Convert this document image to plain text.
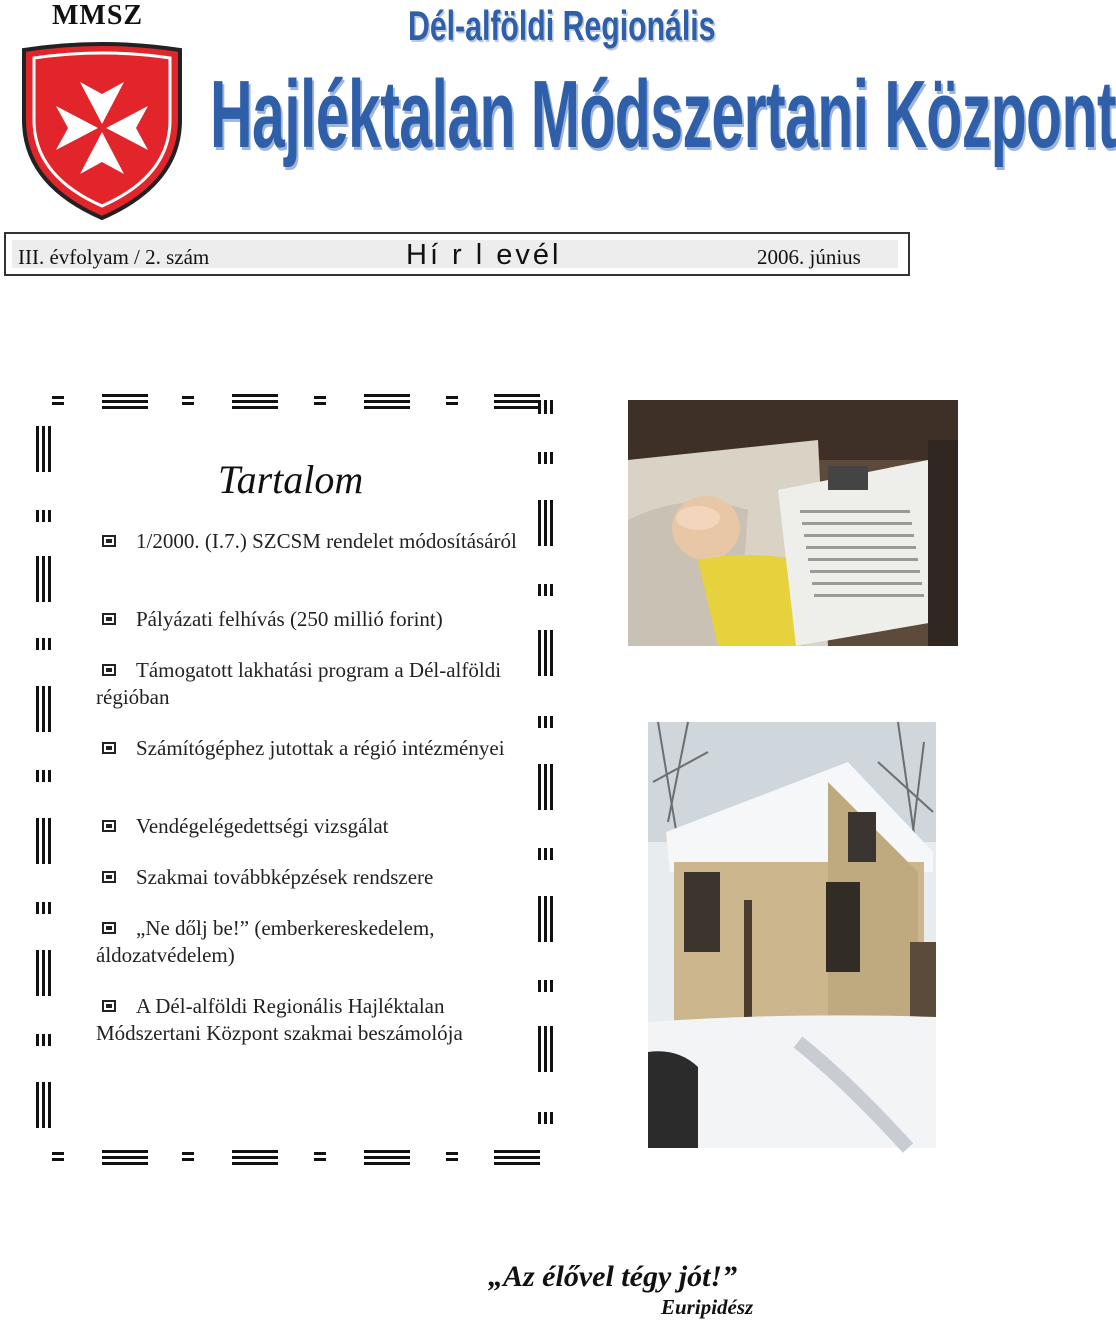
MMSZ	Dél-alföldi Regionális
Hajléktalan Módszertani Központ
III. évfolyam / 2. szám	Hí r l evél	2006. június
Tartalom
1/2000. (I.7.) SZCSM rendelet módosításáról
Pályázati felhívás (250 millió forint)
Támogatott lakhatási program a Dél-alföldi régióban
Számítógéphez jutottak a régió intézményei
Vendégelégedettségi vizsgálat
Szakmai továbbképzések rendszere
„Ne dőlj be!” (emberkereskedelem, áldozatvédelem)
A Dél-alföldi Regionális Hajléktalan Módszertani Központ szakmai beszámolója
„Az élővel tégy jót!”
Euripidész
